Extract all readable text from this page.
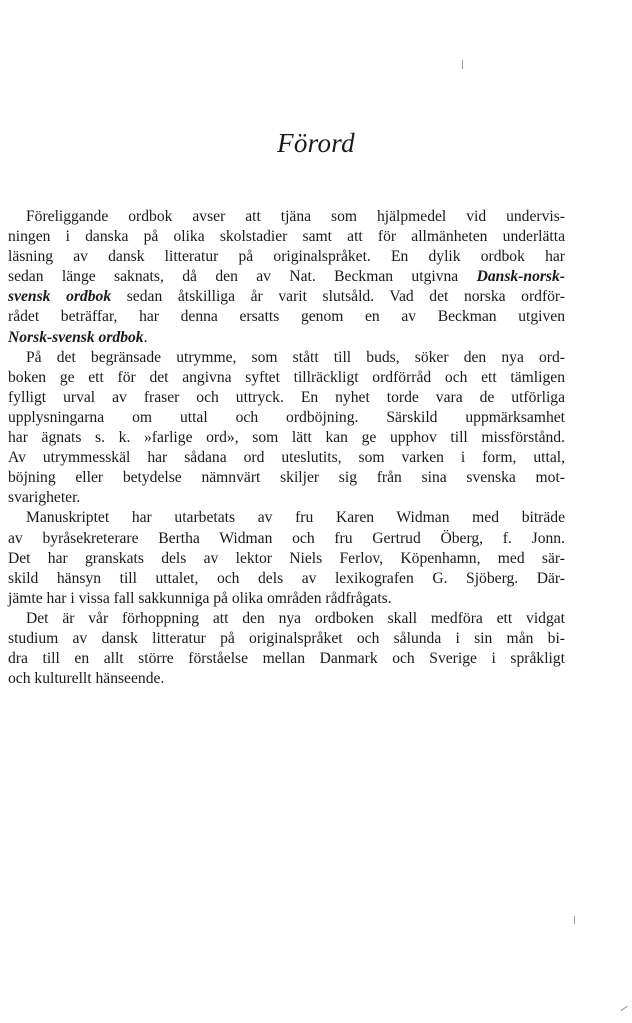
Förord
Föreliggande ordbok avser att tjäna som hjälpmedel vid undervis-
ningen i danska på olika skolstadier samt att för allmänheten underlätta
läsning av dansk litteratur på originalspråket. En dylik ordbok har
sedan länge saknats, då den av Nat. Beckman utgivna Dansk-norsk-
svensk ordbok sedan åtskilliga år varit slutsåld. Vad det norska ordför-
rådet beträffar, har denna ersatts genom en av Beckman utgiven
Norsk-svensk ordbok.
På det begränsade utrymme, som stått till buds, söker den nya ord-
boken ge ett för det angivna syftet tillräckligt ordförråd och ett tämligen
fylligt urval av fraser och uttryck. En nyhet torde vara de utförliga
upplysningarna om uttal och ordböjning. Särskild uppmärksamhet
har ägnats s. k. »farlige ord», som lätt kan ge upphov till missförstånd.
Av utrymmesskäl har sådana ord uteslutits, som varken i form, uttal,
böjning eller betydelse nämnvärt skiljer sig från sina svenska mot-
svarigheter.
Manuskriptet har utarbetats av fru Karen Widman med biträde
av byråsekreterare Bertha Widman och fru Gertrud Öberg, f. Jonn.
Det har granskats dels av lektor Niels Ferlov, Köpenhamn, med sär-
skild hänsyn till uttalet, och dels av lexikografen G. Sjöberg. Där-
jämte har i vissa fall sakkunniga på olika områden rådfrågats.
Det är vår förhoppning att den nya ordboken skall medföra ett vidgat
studium av dansk litteratur på originalspråket och sålunda i sin mån bi-
dra till en allt större förståelse mellan Danmark och Sverige i språkligt
och kulturellt hänseende.
